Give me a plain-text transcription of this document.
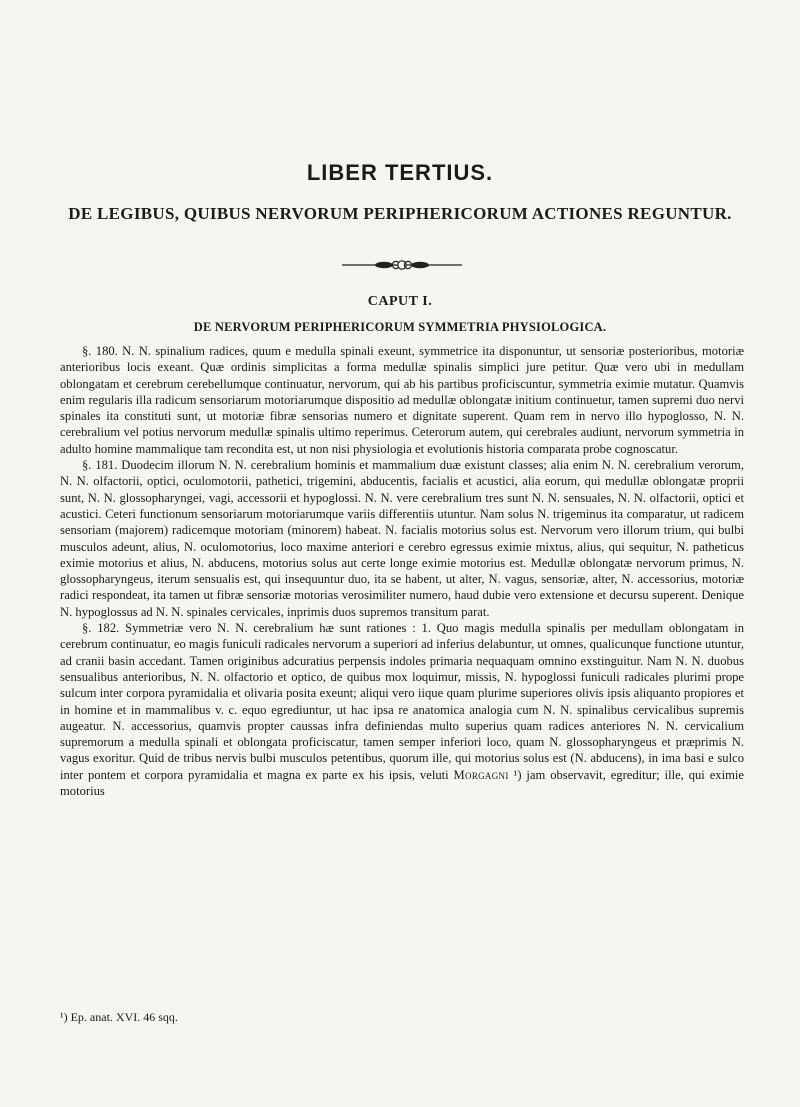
LIBER TERTIUS.
DE LEGIBUS, QUIBUS NERVORUM PERIPHERICORUM ACTIONES REGUNTUR.
CAPUT I.
DE NERVORUM PERIPHERICORUM SYMMETRIA PHYSIOLOGICA.

§. 180. N. N. spinalium radices, quum e medulla spinali exeunt, symmetrice ita disponuntur, ut sensoriæ posterioribus, motoriæ anterioribus locis exeant. Quæ ordinis simplicitas a forma medullæ spinalis simplici jure petitur. Quæ vero ubi in medullam oblongatam et cerebrum cerebellumque continuatur, nervorum, qui ab his partibus proficiscuntur, symmetria eximie mutatur. Quamvis enim regularis illa radicum sensoriarum motoriarumque dispositio ad medullæ oblongatæ initium continuetur, tamen supremi duo nervi spinales ita constituti sunt, ut motoriæ fibræ sensorias numero et dignitate superent. Quam rem in nervo illo hypoglosso, N. N. cerebralium vel potius nervorum medullæ spinalis ultimo reperimus. Ceterorum autem, qui cerebrales audiunt, nervorum symmetria in adulto homine mammalique tam recondita est, ut non nisi physiologia et evolutionis historia comparata probe cognoscatur.

§. 181. Duodecim illorum N. N. cerebralium hominis et mammalium duæ existunt classes; alia enim N. N. cerebralium verorum, N. N. olfactorii, optici, oculomotorii, pathetici, trigemini, abducentis, facialis et acustici, alia eorum, qui medullæ oblongatæ proprii sunt, N. N. glossopharyngei, vagi, accessorii et hypoglossi. N. N. vere cerebralium tres sunt N. N. sensuales, N. N. olfactorii, optici et acustici. Ceteri functionum sensoriarum motoriarumque variis differentiis utuntur. Nam solus N. trigeminus ita comparatur, ut radicem sensoriam (majorem) radicemque motoriam (minorem) habeat. N. facialis motorius solus est. Nervorum vero illorum trium, qui bulbi musculos adeunt, alius, N. oculomotorius, loco maxime anteriori e cerebro egressus eximie mixtus, alius, qui sequitur, N. patheticus eximie motorius et alius, N. abducens, motorius solus aut certe longe eximie motorius est. Medullæ oblongatæ nervorum primus, N. glossopharyngeus, iterum sensualis est, qui insequuntur duo, ita se habent, ut alter, N. vagus, sensoriæ, alter, N. accessorius, motoriæ radici respondeat, ita tamen ut fibræ sensoriæ motorias verosimiliter numero, haud dubie vero extensione et decursu superent. Denique N. hypoglossus ad N. N. spinales cervicales, inprimis duos supremos transitum parat.

§. 182. Symmetriæ vero N. N. cerebralium hæ sunt rationes : 1. Quo magis medulla spinalis per medullam oblongatam in cerebrum continuatur, eo magis funiculi radicales nervorum a superiori ad inferius delabuntur, ut omnes, qualicunque functione utuntur, ad cranii basin accedant. Tamen originibus adcuratius perpensis indoles primaria nequaquam omnino exstinguitur. Nam N. N. duobus sensualibus anterioribus, N. N. olfactorio et optico, de quibus mox loquimur, missis, N. hypoglossi funiculi radicales plurimi prope sulcum inter corpora pyramidalia et olivaria posita exeunt; aliqui vero iique quam plurime superiores olivis ipsis aliquanto propiores et in homine et in mammalibus v. c. equo egrediuntur, ut hac ipsa re anatomica analogia cum N. N. spinalibus cervicalibus supremis augeatur. N. accessorius, quamvis propter caussas infra definiendas multo superius quam radices anteriores N. N. cervicalium supremorum a medulla spinali et oblongata proficiscatur, tamen semper inferiori loco, quam N. glossopharyngeus et præprimis N. vagus exoritur. Quid de tribus nervis bulbi musculos petentibus, quorum ille, qui motorius solus est (N. abducens), in ima basi e sulco inter pontem et corpora pyramidalia et magna ex parte ex his ipsis, veluti Morgagni ¹) jam observavit, egreditur; ille, qui eximie motorius

¹) Ep. anat. XVI. 46 sqq.
